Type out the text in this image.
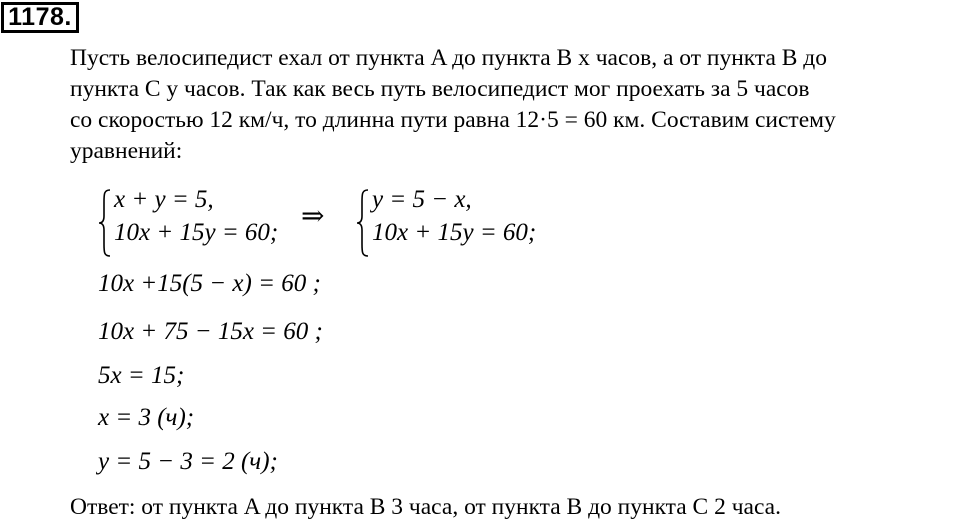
1178.
Пусть велосипедист ехал от пункта A до пункта B x часов, а от пункта B до
пункта C y часов. Так как весь путь велосипедист мог проехать за 5 часов
со скоростью 12 км/ч, то длинна пути равна 12·5 = 60 км. Составим систему
уравнений:
x + y = 5,
10x + 15y = 60;
⇒
y = 5 − x,
10x + 15y = 60;
10x +15(5 − x) = 60 ;
10x + 75 − 15x = 60 ;
5x = 15;
x = 3 (ч);
y = 5 − 3 = 2 (ч);
Ответ: от пункта A до пункта B 3 часа, от пункта B до пункта C 2 часа.
